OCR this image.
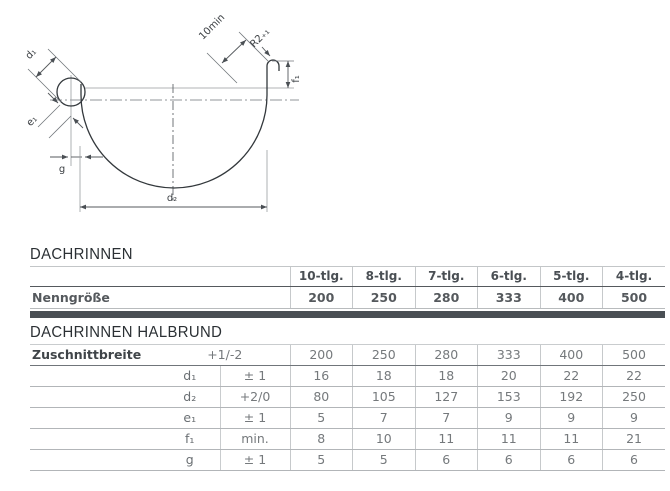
d₁
e₁
10min R2₊₁
f₁
g
d₂
DACHRINNEN
	10-tlg.	8-tlg.	7-tlg.	6-tlg.	5-tlg.	4-tlg.
Nenngröße	200	250	280	333	400	500
DACHRINNEN HALBRUND
Zuschnittbreite	+1/-2		200	250	280	333	400	500
	d₁	± 1	16	18	18	20	22	22
	d₂	+2/0	80	105	127	153	192	250
	e₁	± 1	5	7	7	9	9	9
	f₁	min.	8	10	11	11	11	21
	g	± 1	5	5	6	6	6	6
